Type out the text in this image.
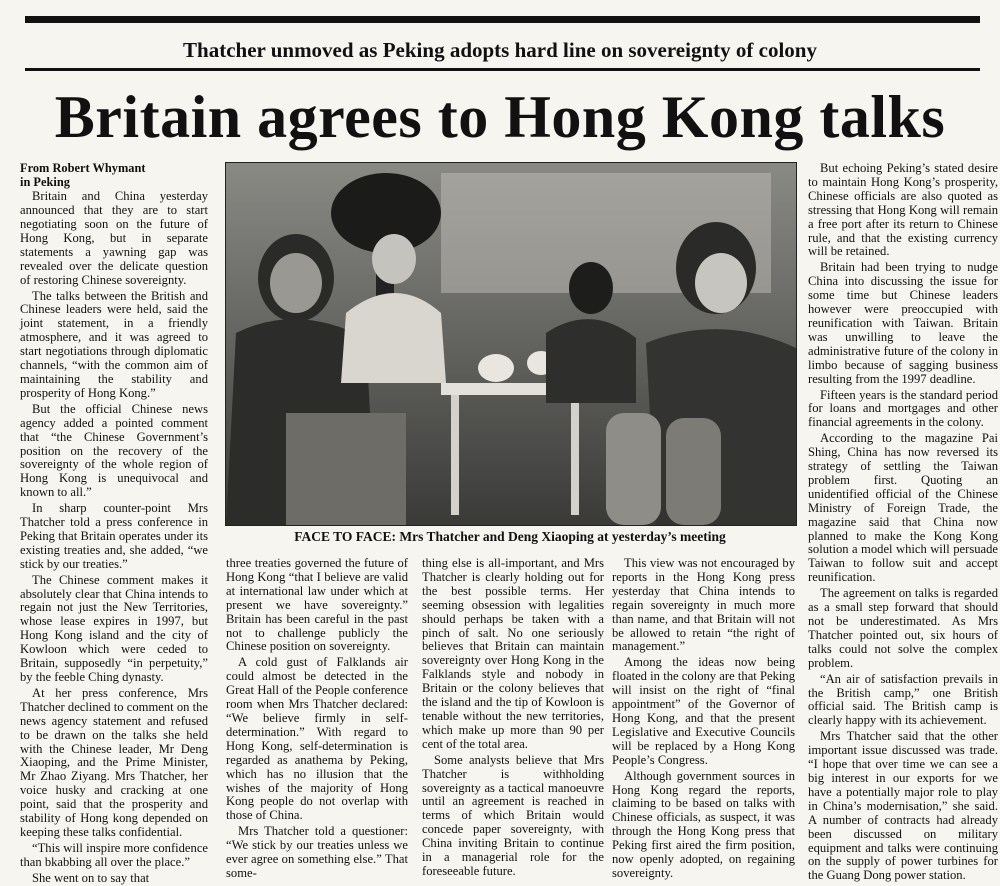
Thatcher unmoved as Peking adopts hard line on sovereignty of colony
Britain agrees to Hong Kong talks
From Robert Whymant
in Peking

Britain and China yesterday announced that they are to start negotiating soon on the future of Hong Kong, but in separate statements a yawning gap was revealed over the delicate question of restoring Chinese sovereignty.

The talks between the British and Chinese leaders were held, said the joint statement, in a friendly atmosphere, and it was agreed to start negotiations through diplomatic channels, “with the common aim of maintaining the stability and prosperity of Hong Kong.”

But the official Chinese news agency added a pointed comment that “the Chinese Government’s position on the recovery of the sovereignty of the whole region of Hong Kong is unequivocal and known to all.”

In sharp counter-point Mrs Thatcher told a press conference in Peking that Britain operates under its existing treaties and, she added, “we stick by our treaties.”

The Chinese comment makes it absolutely clear that China intends to regain not just the New Territories, whose lease expires in 1997, but Hong Kong island and the city of Kowloon which were ceded to Britain, supposedly “in perpetuity,” by the feeble Ching dynasty.

At her press conference, Mrs Thatcher declined to comment on the news agency statement and refused to be drawn on the talks she held with the Chinese leader, Mr Deng Xiaoping, and the Prime Minister, Mr Zhao Ziyang. Mrs Thatcher, her voice husky and cracking at one point, said that the prosperity and stability of Hong kong depended on keeping these talks confidential.

“This will inspire more confidence than bkabbing all over the place.”

She went on to say that

FACE TO FACE: Mrs Thatcher and Deng Xiaoping at yesterday’s meeting

three treaties governed the future of Hong Kong “that I believe are valid at international law under which at present we have sovereignty.” Britain has been careful in the past not to challenge publicly the Chinese position on sovereignty.

A cold gust of Falklands air could almost be detected in the Great Hall of the People conference room when Mrs Thatcher declared: “We believe firmly in self-determination.” With regard to Hong Kong, self-determination is regarded as anathema by Peking, which has no illusion that the wishes of the majority of Hong Kong people do not overlap with those of China.

Mrs Thatcher told a questioner: “We stick by our treaties unless we ever agree on something else.” That some-

thing else is all-important, and Mrs Thatcher is clearly holding out for the best possible terms. Her seeming obsession with legalities should perhaps be taken with a pinch of salt. No one seriously believes that Britain can maintain sovereignty over Hong Kong in the Falklands style and nobody in Britain or the colony believes that the island and the tip of Kowloon is tenable without the new territories, which make up more than 90 per cent of the total area.

Some analysts believe that Mrs Thatcher is withholding sovereignty as a tactical manoeuvre until an agreement is reached in terms of which Britain would concede paper sovereignty, with China inviting Britain to continue in a managerial role for the foreseeable future.

This view was not encouraged by reports in the Hong Kong press yesterday that China intends to regain sovereignty in much more than name, and that Britain will not be allowed to retain “the right of management.”

Among the ideas now being floated in the colony are that Peking will insist on the right of “final appointment” of the Governor of Hong Kong, and that the present Legislative and Executive Councils will be replaced by a Hong Kong People’s Congress.

Although government sources in Hong Kong regard the reports, claiming to be based on talks with Chinese officials, as suspect, it was through the Hong Kong press that Peking first aired the firm position, now openly adopted, on regaining sovereignty.

But echoing Peking’s stated desire to maintain Hong Kong’s prosperity, Chinese officials are also quoted as stressing that Hong Kong will remain a free port after its return to Chinese rule, and that the existing currency will be retained.

Britain had been trying to nudge China into discussing the issue for some time but Chinese leaders however were preoccupied with reunification with Taiwan. Britain was unwilling to leave the administrative future of the colony in limbo because of sagging business resulting from the 1997 deadline.

Fifteen years is the standard period for loans and mortgages and other financial agreements in the colony.

According to the magazine Pai Shing, China has now reversed its strategy of settling the Taiwan problem first. Quoting an unidentified official of the Chinese Ministry of Foreign Trade, the magazine said that China now planned to make the Kong Kong solution a model which will persuade Taiwan to follow suit and accept reunification.

The agreement on talks is regarded as a small step forward that should not be underestimated. As Mrs Thatcher pointed out, six hours of talks could not solve the complex problem.

“An air of satisfaction prevails in the British camp,” one British official said. The British camp is clearly happy with its achievement.

Mrs Thatcher said that the other important issue discussed was trade. “I hope that over time we can see a big interest in our exports for we have a potentially major role to play in China’s modernisation,” she said. A number of contracts had already been discussed on military equipment and talks were continuing on the supply of power turbines for the Guang Dong power station.
